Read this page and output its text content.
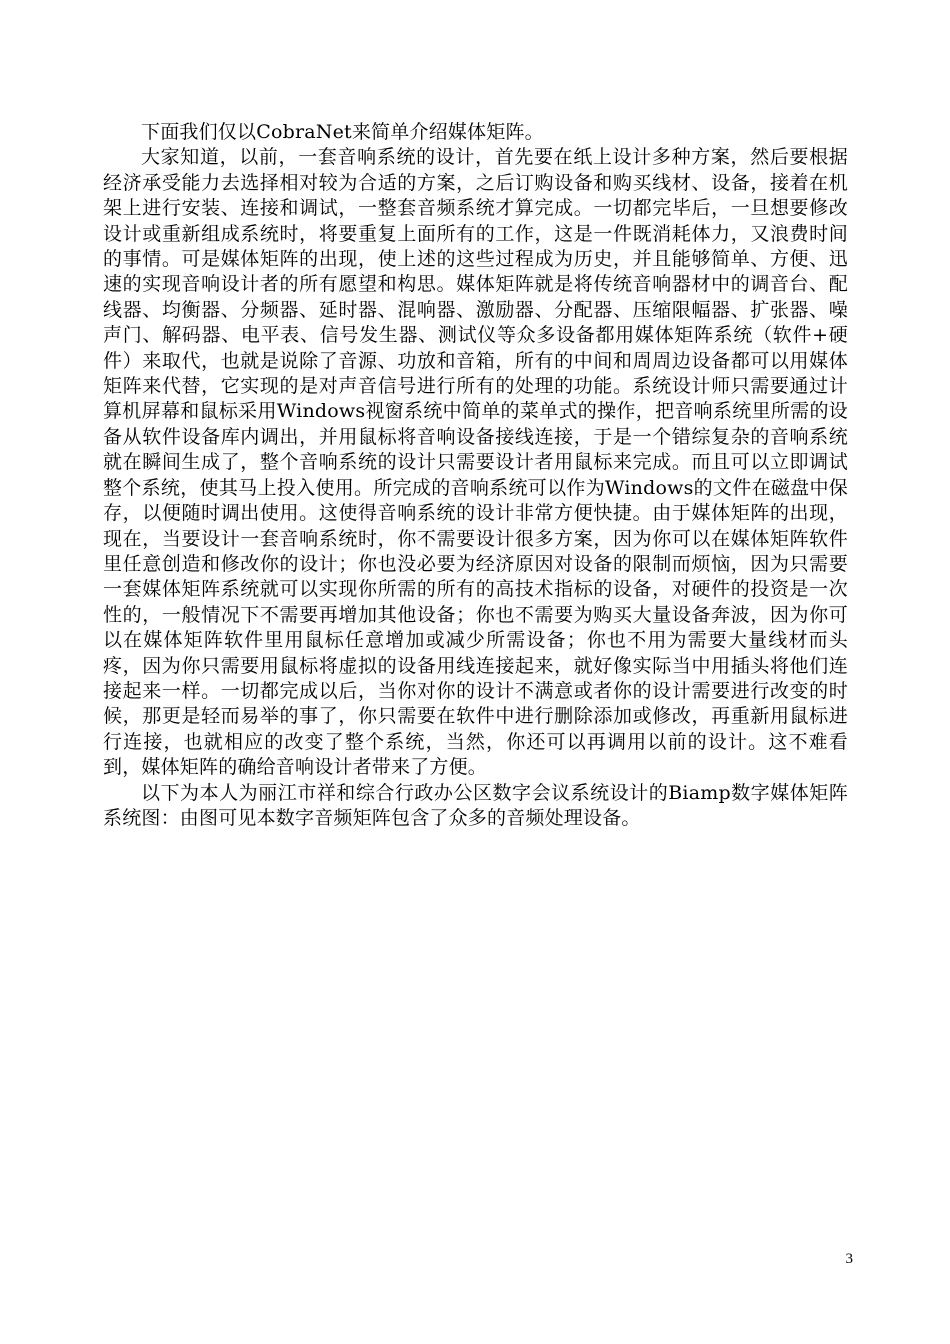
下面我们仅以CobraNet来简单介绍媒体矩阵。

大家知道，以前，一套音响系统的设计，首先要在纸上设计多种方案，然后要根据经济承受能力去选择相对较为合适的方案，之后订购设备和购买线材、设备，接着在机架上进行安装、连接和调试，一整套音频系统才算完成。一切都完毕后，一旦想要修改设计或重新组成系统时，将要重复上面所有的工作，这是一件既消耗体力，又浪费时间的事情。可是媒体矩阵的出现，使上述的这些过程成为历史，并且能够简单、方便、迅速的实现音响设计者的所有愿望和构思。媒体矩阵就是将传统音响器材中的调音台、配线器、均衡器、分频器、延时器、混响器、激励器、分配器、压缩限幅器、扩张器、噪声门、解码器、电平表、信号发生器、测试仪等众多设备都用媒体矩阵系统（软件+硬件）来取代，也就是说除了音源、功放和音箱，所有的中间和周周边设备都可以用媒体矩阵来代替，它实现的是对声音信号进行所有的处理的功能。系统设计师只需要通过计算机屏幕和鼠标采用Windows视窗系统中简单的菜单式的操作，把音响系统里所需的设备从软件设备库内调出，并用鼠标将音响设备接线连接，于是一个错综复杂的音响系统就在瞬间生成了，整个音响系统的设计只需要设计者用鼠标来完成。而且可以立即调试整个系统，使其马上投入使用。所完成的音响系统可以作为Windows的文件在磁盘中保存，以便随时调出使用。这使得音响系统的设计非常方便快捷。由于媒体矩阵的出现，现在，当要设计一套音响系统时，你不需要设计很多方案，因为你可以在媒体矩阵软件里任意创造和修改你的设计；你也没必要为经济原因对设备的限制而烦恼，因为只需要一套媒体矩阵系统就可以实现你所需的所有的高技术指标的设备，对硬件的投资是一次性的，一般情况下不需要再增加其他设备；你也不需要为购买大量设备奔波，因为你可以在媒体矩阵软件里用鼠标任意增加或减少所需设备；你也不用为需要大量线材而头疼，因为你只需要用鼠标将虚拟的设备用线连接起来，就好像实际当中用插头将他们连接起来一样。一切都完成以后，当你对你的设计不满意或者你的设计需要进行改变的时候，那更是轻而易举的事了，你只需要在软件中进行删除添加或修改，再重新用鼠标进行连接，也就相应的改变了整个系统，当然，你还可以再调用以前的设计。这不难看到，媒体矩阵的确给音响设计者带来了方便。

以下为本人为丽江市祥和综合行政办公区数字会议系统设计的Biamp数字媒体矩阵系统图：由图可见本数字音频矩阵包含了众多的音频处理设备。

3
